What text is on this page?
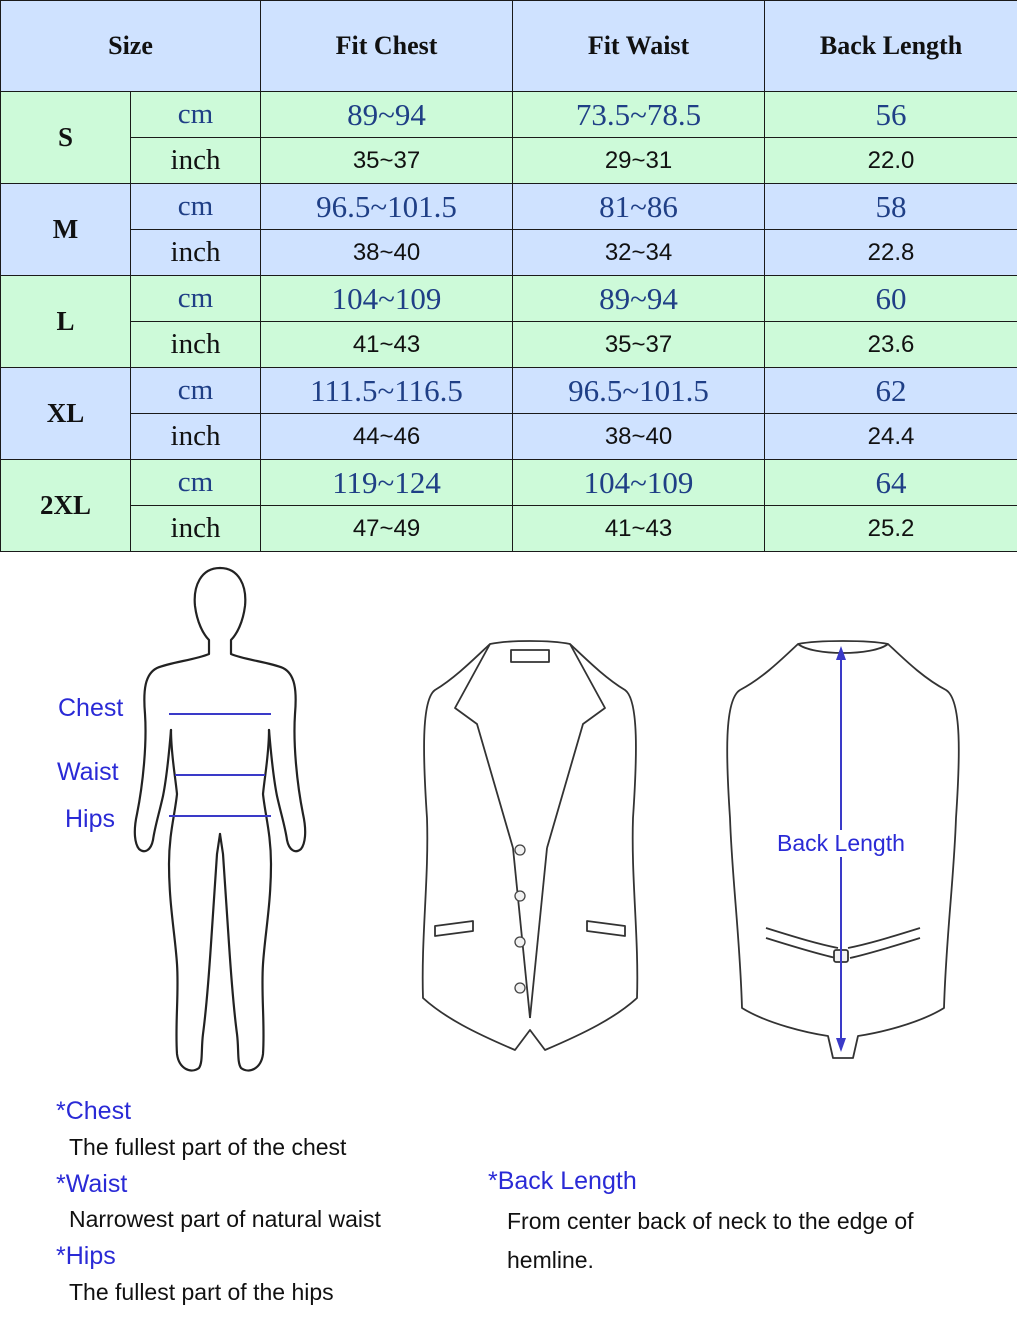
Size		Fit Chest	Fit Waist	Back Length
S	cm	89~94	73.5~78.5	56
	inch	35~37	29~31	22.0
M	cm	96.5~101.5	81~86	58
	inch	38~40	32~34	22.8
L	cm	104~109	89~94	60
	inch	41~43	35~37	23.6
XL	cm	111.5~116.5	96.5~101.5	62
	inch	44~46	38~40	24.4
2XL	cm	119~124	104~109	64
	inch	47~49	41~43	25.2
Chest
Waist
Hips
Back Length
*Chest
The fullest part of the chest
*Waist
Narrowest part of natural waist
*Hips
The fullest part of the hips
*Back Length
From center back of neck to the edge of
hemline.
